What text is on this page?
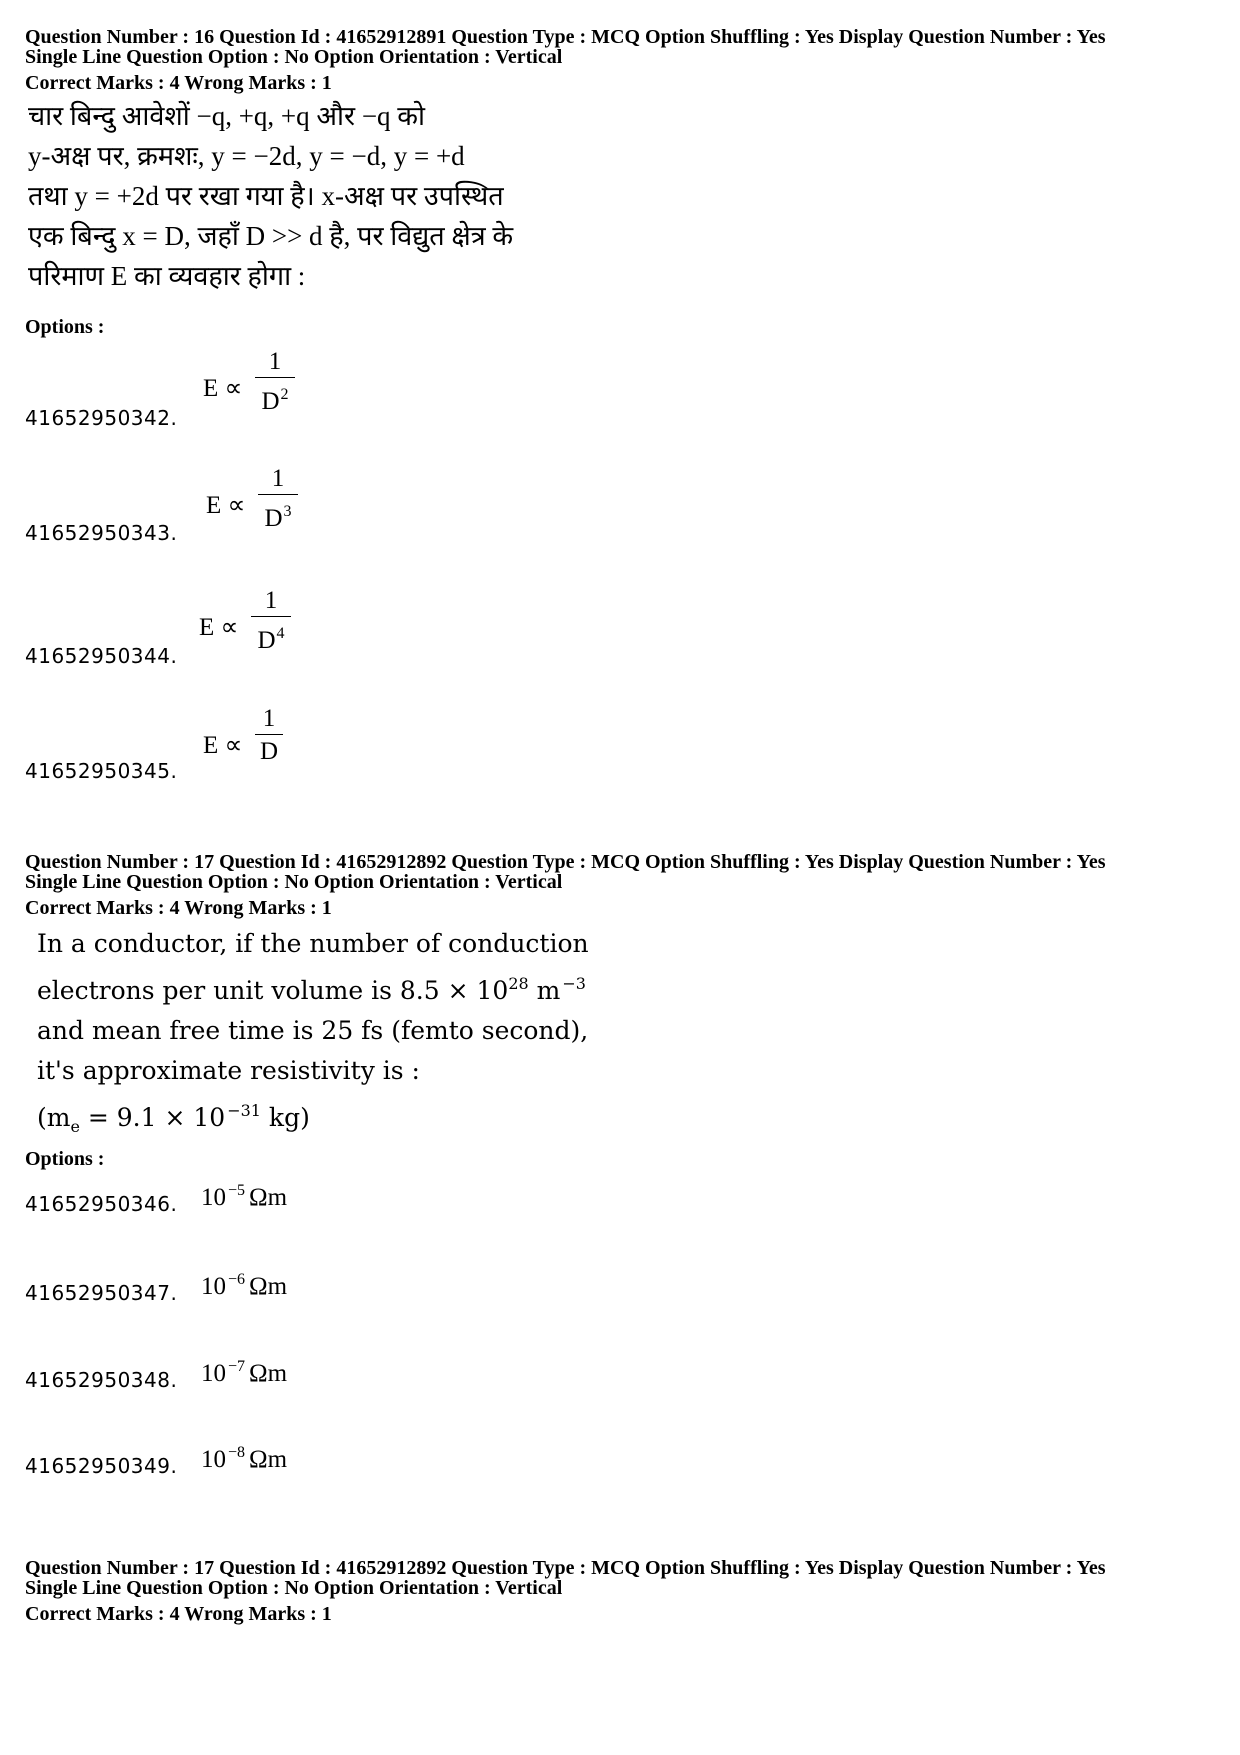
Question Number : 16 Question Id : 41652912891 Question Type : MCQ Option Shuffling : Yes Display Question Number : Yes
Single Line Question Option : No Option Orientation : Vertical
Correct Marks : 4 Wrong Marks : 1
चार बिन्दु आवेशों −q, +q, +q और −q को
y-अक्ष पर, क्रमशः, y = −2d, y = −d, y = +d
तथा y = +2d पर रखा गया है। x-अक्ष पर उपस्थित
एक बिन्दु x = D, जहाँ D >> d है, पर विद्युत क्षेत्र के
परिमाण E का व्यवहार होगा :
Options :
41652950342.
E ∝
1
$D^2$
41652950343.
E ∝
1
$D^3$
41652950344.
E ∝
1
$D^4$
41652950345.
E ∝
1
D
Question Number : 17 Question Id : 41652912892 Question Type : MCQ Option Shuffling : Yes Display Question Number : Yes
Single Line Question Option : No Option Orientation : Vertical
Correct Marks : 4 Wrong Marks : 1
In a conductor, if the number of conduction
electrons per unit volume is $8.5 \times 10^{28}$ m $^{-3}$
and mean free time is 25 fs (femto second),
it's approximate resistivity is :
($m_e = 9.1 \times 10$ $^{-31}$ kg)
Options :
41652950346. 10 $^{-5}$ Ωm
41652950347. 10 $^{-6}$ Ωm
41652950348. 10 $^{-7}$ Ωm
41652950349. 10 $^{-8}$ Ωm
Question Number : 17 Question Id : 41652912892 Question Type : MCQ Option Shuffling : Yes Display Question Number : Yes
Single Line Question Option : No Option Orientation : Vertical
Correct Marks : 4 Wrong Marks : 1
